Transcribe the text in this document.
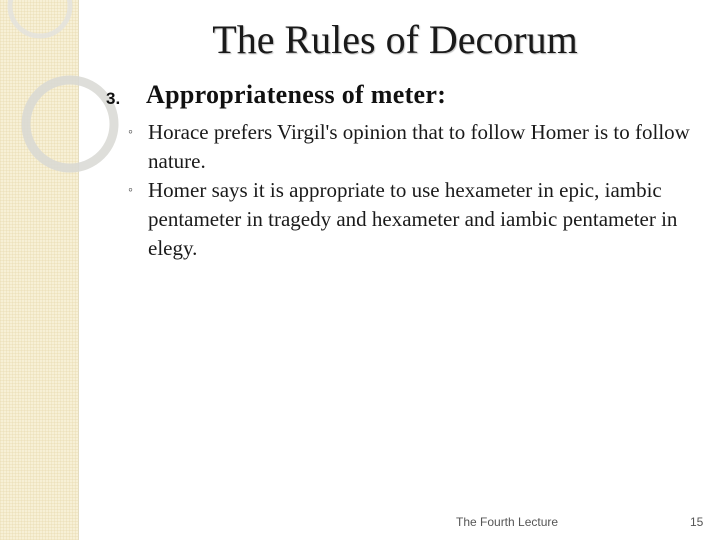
The Rules of Decorum
3. Appropriateness of meter:
◦ Horace prefers Virgil's opinion that to follow Homer is to follow nature.
◦ Homer says it is appropriate to use hexameter in epic, iambic pentameter in tragedy and hexameter and iambic pentameter in elegy.
The Fourth Lecture	15
